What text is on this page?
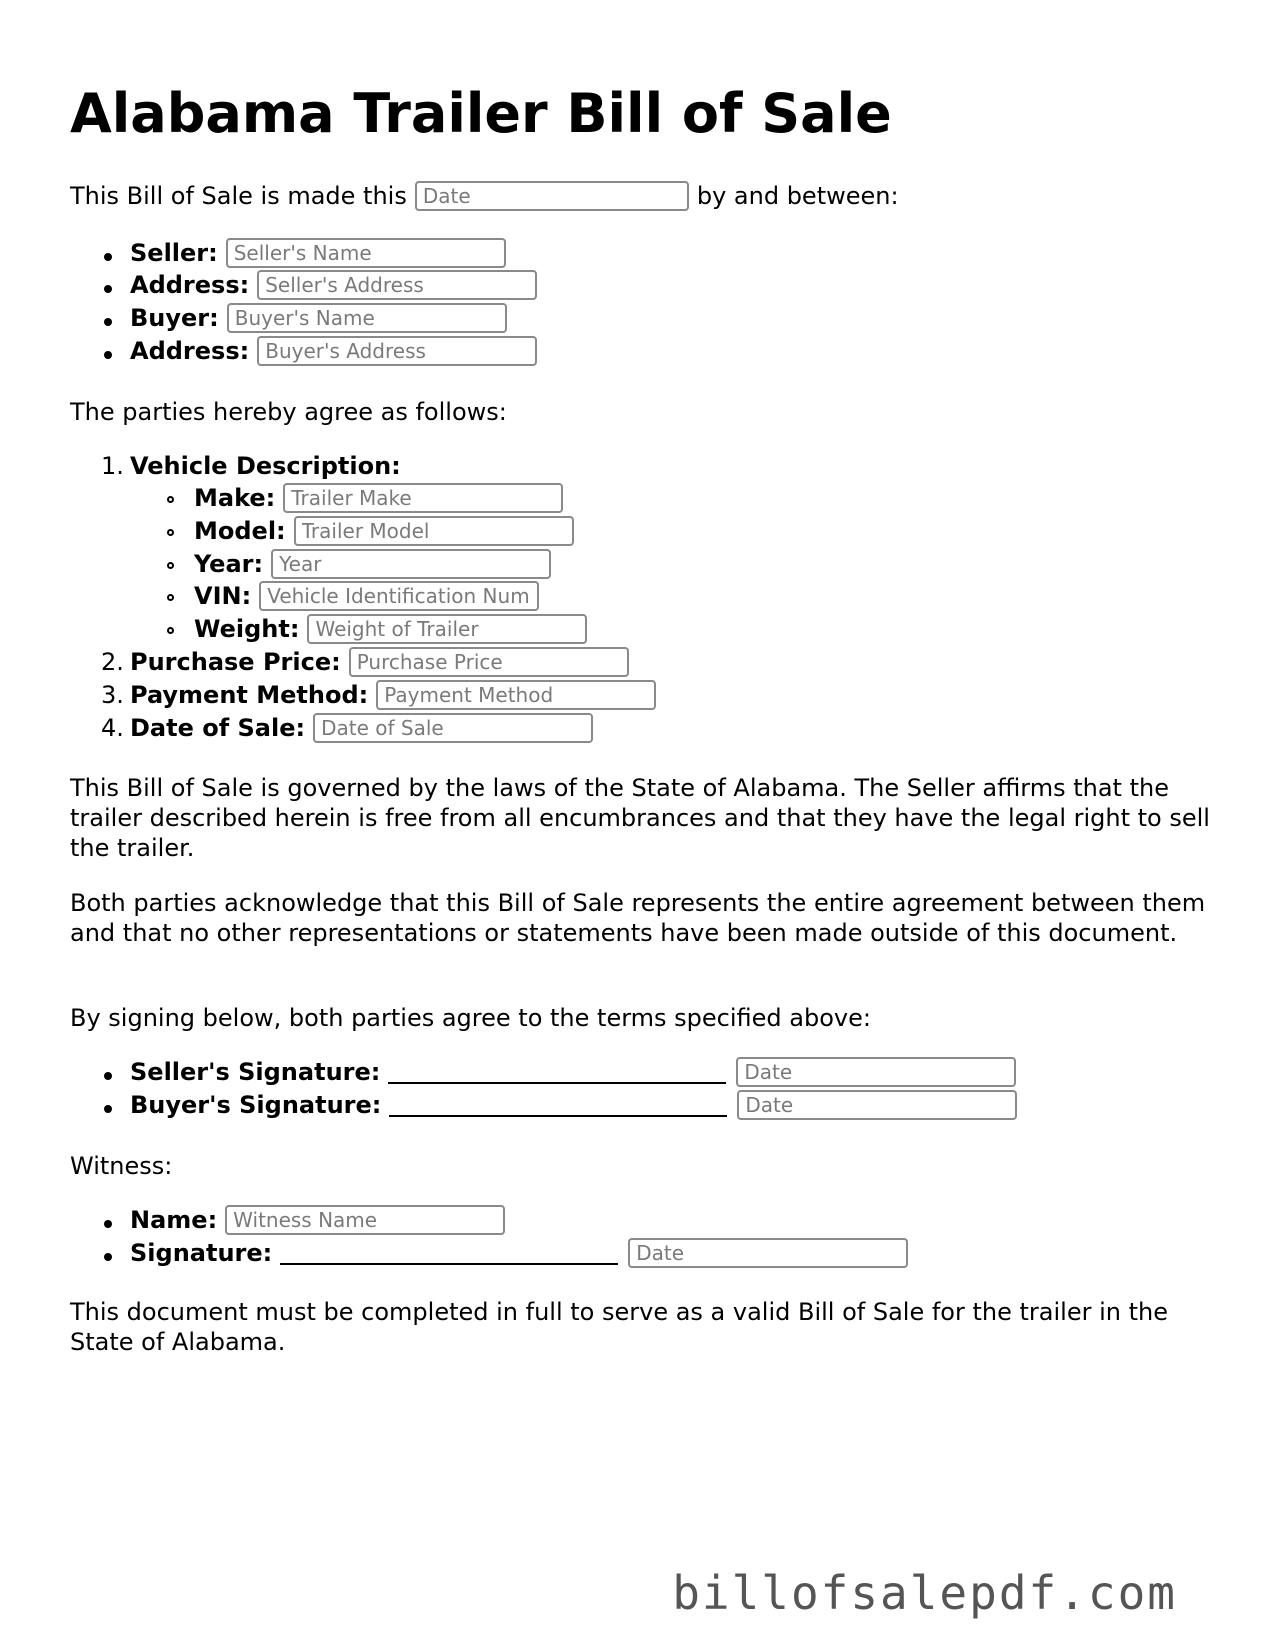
Alabama Trailer Bill of Sale
This Bill of Sale is made this
Date	by and between:
Seller:
Seller's Name
Address:
Seller's Address
Buyer:
Buyer's Name
Address:
Buyer's Address
The parties hereby agree as follows:
1. Vehicle Description:
Make:
Trailer Make
Model:
Trailer Model
Year:
Year
VIN:
Vehicle Identification Num
Weight:
Weight of Trailer
2. Purchase Price:
Purchase Price
3. Payment Method:
Payment Method
4. Date of Sale:
Date of Sale

This Bill of Sale is governed by the laws of the State of Alabama. The Seller affirms that the trailer described herein is free from all encumbrances and that they have the legal right to sell the trailer.

Both parties acknowledge that this Bill of Sale represents the entire agreement between them and that no other representations or statements have been made outside of this document.

By signing below, both parties agree to the terms specified above:
Seller's Signature:
Date
Buyer's Signature:
Date
Witness:
Name:
Witness Name
Signature:
Date

This document must be completed in full to serve as a valid Bill of Sale for the trailer in the State of Alabama.

billofsalepdf.com
